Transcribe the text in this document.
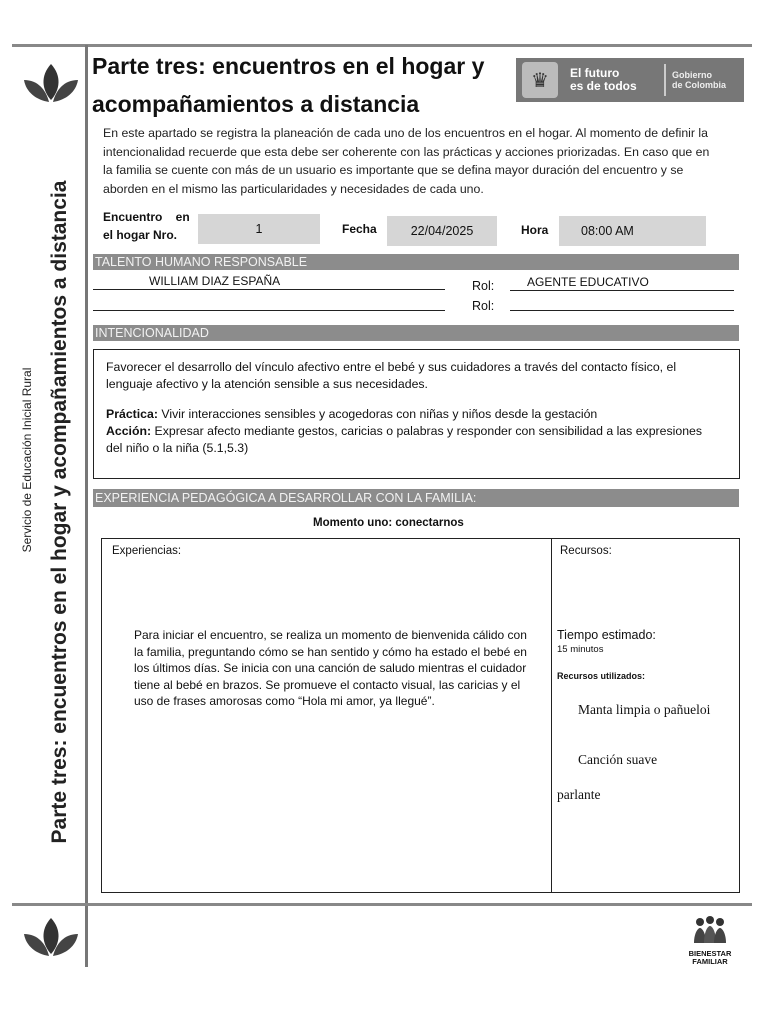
Parte tres: encuentros en el hogar y acompañamientos a distancia
Servicio de Educación Inicial Rural
Parte tres: encuentros en el hogar y
acompañamientos a distancia
♛	El futuro
es de todos
Gobierno
de Colombia
En este apartado se registra la planeación de cada uno de los encuentros en el hogar. Al momento de definir la intencionalidad recuerde que esta debe ser coherente con las prácticas y acciones priorizadas. En caso que en la familia se cuente con más de un usuario es importante que se defina mayor duración del encuentro y se aborden en el mismo las particularidades y necesidades de cada uno.
Encuentro    en
el hogar Nro.	1	Fecha	22/04/2025	Hora	08:00 AM
TALENTO HUMANO RESPONSABLE
WILLIAM DIAZ ESPAÑA	Rol:	AGENTE EDUCATIVO
Rol:
INTENCIONALIDAD
Favorecer el desarrollo del vínculo afectivo entre el bebé y sus cuidadores a través del contacto físico, el lenguaje afectivo y la atención sensible a sus necesidades.
Práctica: Vivir interacciones sensibles y acogedoras con niñas y niños desde la gestación
Acción: Expresar afecto mediante gestos, caricias o palabras y responder con sensibilidad a las expresiones del niño o la niña (5.1,5.3)
EXPERIENCIA PEDAGÓGICA A DESARROLLAR CON LA FAMILIA:
Momento uno: conectarnos
Experiencias:	Recursos:
Para iniciar el encuentro, se realiza un momento de bienvenida cálido con la familia, preguntando cómo se han sentido y cómo ha estado el bebé en los últimos días. Se inicia con una canción de saludo mientras el cuidador tiene al bebé en brazos. Se promueve el contacto visual, las caricias y el uso de frases amorosas como “Hola mi amor, ya llegué”.
Tiempo estimado:
15 minutos
Recursos utilizados:
Manta limpia o pañueloi
Canción suave
parlante
BIENESTAR
FAMILIAR
